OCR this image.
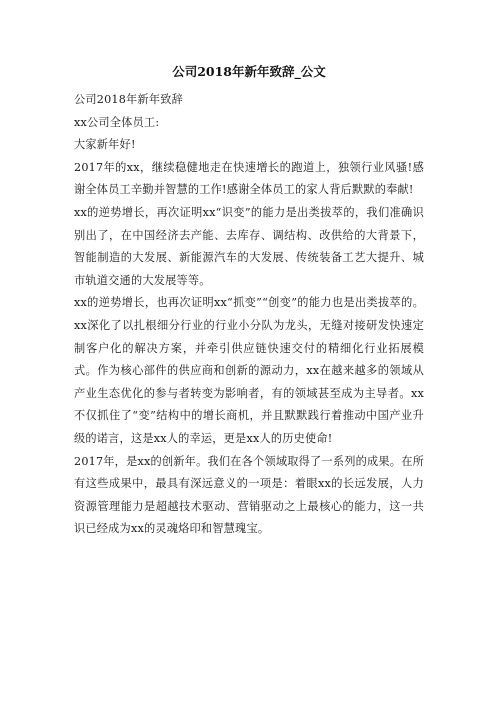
公司2018年新年致辞_公文

公司2018年新年致辞

xx公司全体员工:

大家新年好!

2017年的xx，继续稳健地走在快速增长的跑道上，独领行业风骚!感谢全体员工辛勤并智慧的工作!感谢全体员工的家人背后默默的奉献!

xx的逆势增长，再次证明xx“识变”的能力是出类拔萃的，我们准确识别出了，在中国经济去产能、去库存、调结构、改供给的大背景下，智能制造的大发展、新能源汽车的大发展、传统装备工艺大提升、城市轨道交通的大发展等等。

xx的逆势增长，也再次证明xx“抓变”“创变”的能力也是出类拔萃的。xx深化了以扎根细分行业的行业小分队为龙头，无缝对接研发快速定制客户化的解决方案，并牵引供应链快速交付的精细化行业拓展模式。作为核心部件的供应商和创新的源动力，xx在越来越多的领域从产业生态优化的参与者转变为影响者，有的领域甚至成为主导者。xx不仅抓住了“变”结构中的增长商机，并且默默践行着推动中国产业升级的诺言，这是xx人的幸运，更是xx人的历史使命!

2017年，是xx的创新年。我们在各个领域取得了一系列的成果。在所有这些成果中，最具有深远意义的一项是：着眼xx的长远发展，人力资源管理能力是超越技术驱动、营销驱动之上最核心的能力，这一共识已经成为xx的灵魂烙印和智慧瑰宝。
